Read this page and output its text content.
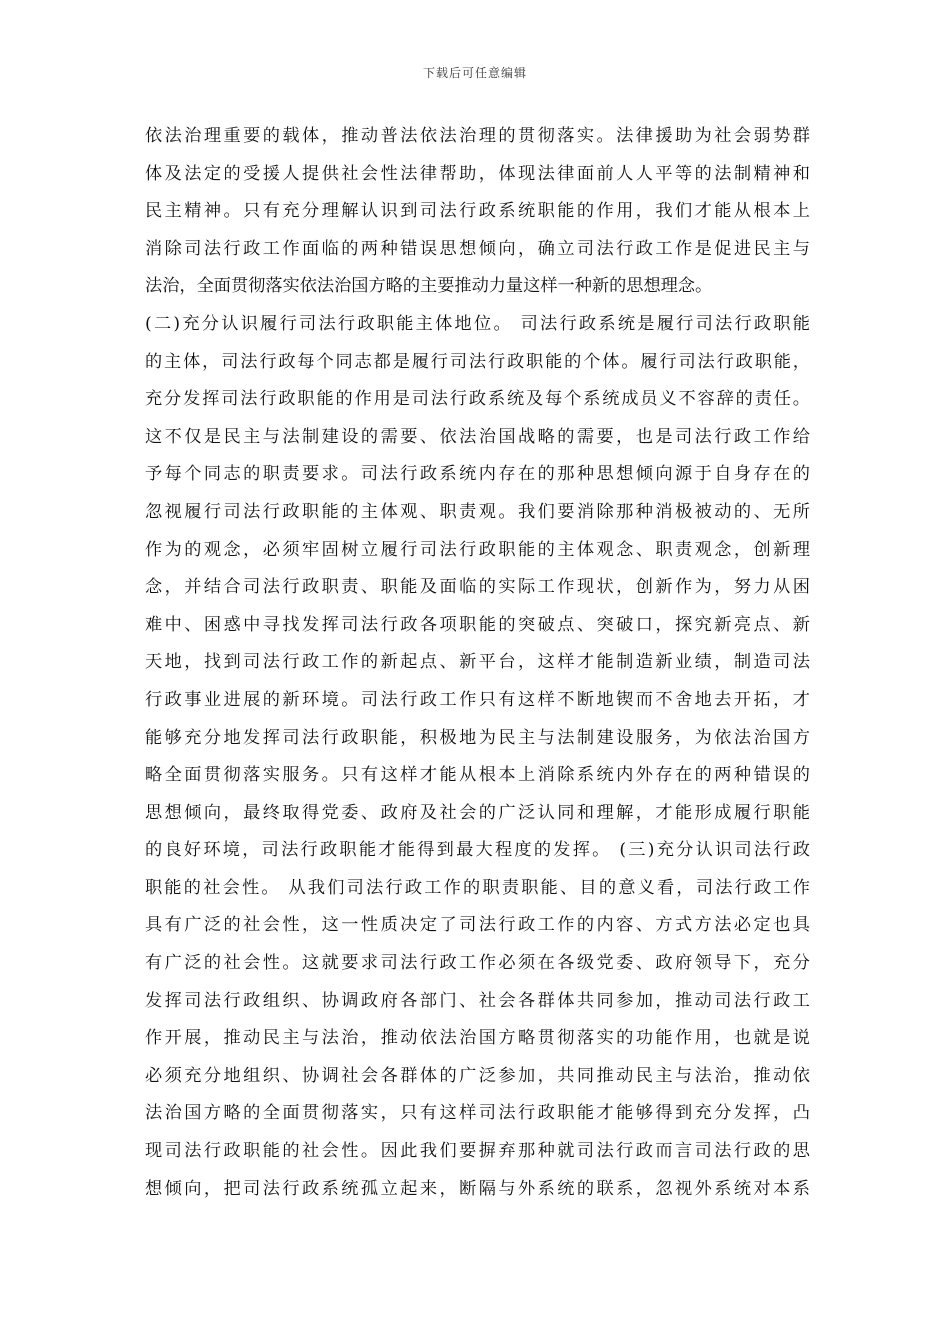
下载后可任意编辑
依法治理重要的载体，推动普法依法治理的贯彻落实。法律援助为社会弱势群
体及法定的受援人提供社会性法律帮助，体现法律面前人人平等的法制精神和
民主精神。只有充分理解认识到司法行政系统职能的作用，我们才能从根本上
消除司法行政工作面临的两种错误思想倾向，确立司法行政工作是促进民主与
法治，全面贯彻落实依法治国方略的主要推动力量这样一种新的思想理念。
(二)充分认识履行司法行政职能主体地位。 司法行政系统是履行司法行政职能
的主体，司法行政每个同志都是履行司法行政职能的个体。履行司法行政职能，
充分发挥司法行政职能的作用是司法行政系统及每个系统成员义不容辞的责任。
这不仅是民主与法制建设的需要、依法治国战略的需要，也是司法行政工作给
予每个同志的职责要求。司法行政系统内存在的那种思想倾向源于自身存在的
忽视履行司法行政职能的主体观、职责观。我们要消除那种消极被动的、无所
作为的观念，必须牢固树立履行司法行政职能的主体观念、职责观念，创新理
念，并结合司法行政职责、职能及面临的实际工作现状，创新作为，努力从困
难中、困惑中寻找发挥司法行政各项职能的突破点、突破口，探究新亮点、新
天地，找到司法行政工作的新起点、新平台，这样才能制造新业绩，制造司法
行政事业进展的新环境。司法行政工作只有这样不断地锲而不舍地去开拓，才
能够充分地发挥司法行政职能，积极地为民主与法制建设服务，为依法治国方
略全面贯彻落实服务。只有这样才能从根本上消除系统内外存在的两种错误的
思想倾向，最终取得党委、政府及社会的广泛认同和理解，才能形成履行职能
的良好环境，司法行政职能才能得到最大程度的发挥。 (三)充分认识司法行政
职能的社会性。 从我们司法行政工作的职责职能、目的意义看，司法行政工作
具有广泛的社会性，这一性质决定了司法行政工作的内容、方式方法必定也具
有广泛的社会性。这就要求司法行政工作必须在各级党委、政府领导下，充分
发挥司法行政组织、协调政府各部门、社会各群体共同参加，推动司法行政工
作开展，推动民主与法治，推动依法治国方略贯彻落实的功能作用，也就是说
必须充分地组织、协调社会各群体的广泛参加，共同推动民主与法治，推动依
法治国方略的全面贯彻落实，只有这样司法行政职能才能够得到充分发挥，凸
现司法行政职能的社会性。因此我们要摒弃那种就司法行政而言司法行政的思
想倾向，把司法行政系统孤立起来，断隔与外系统的联系，忽视外系统对本系
